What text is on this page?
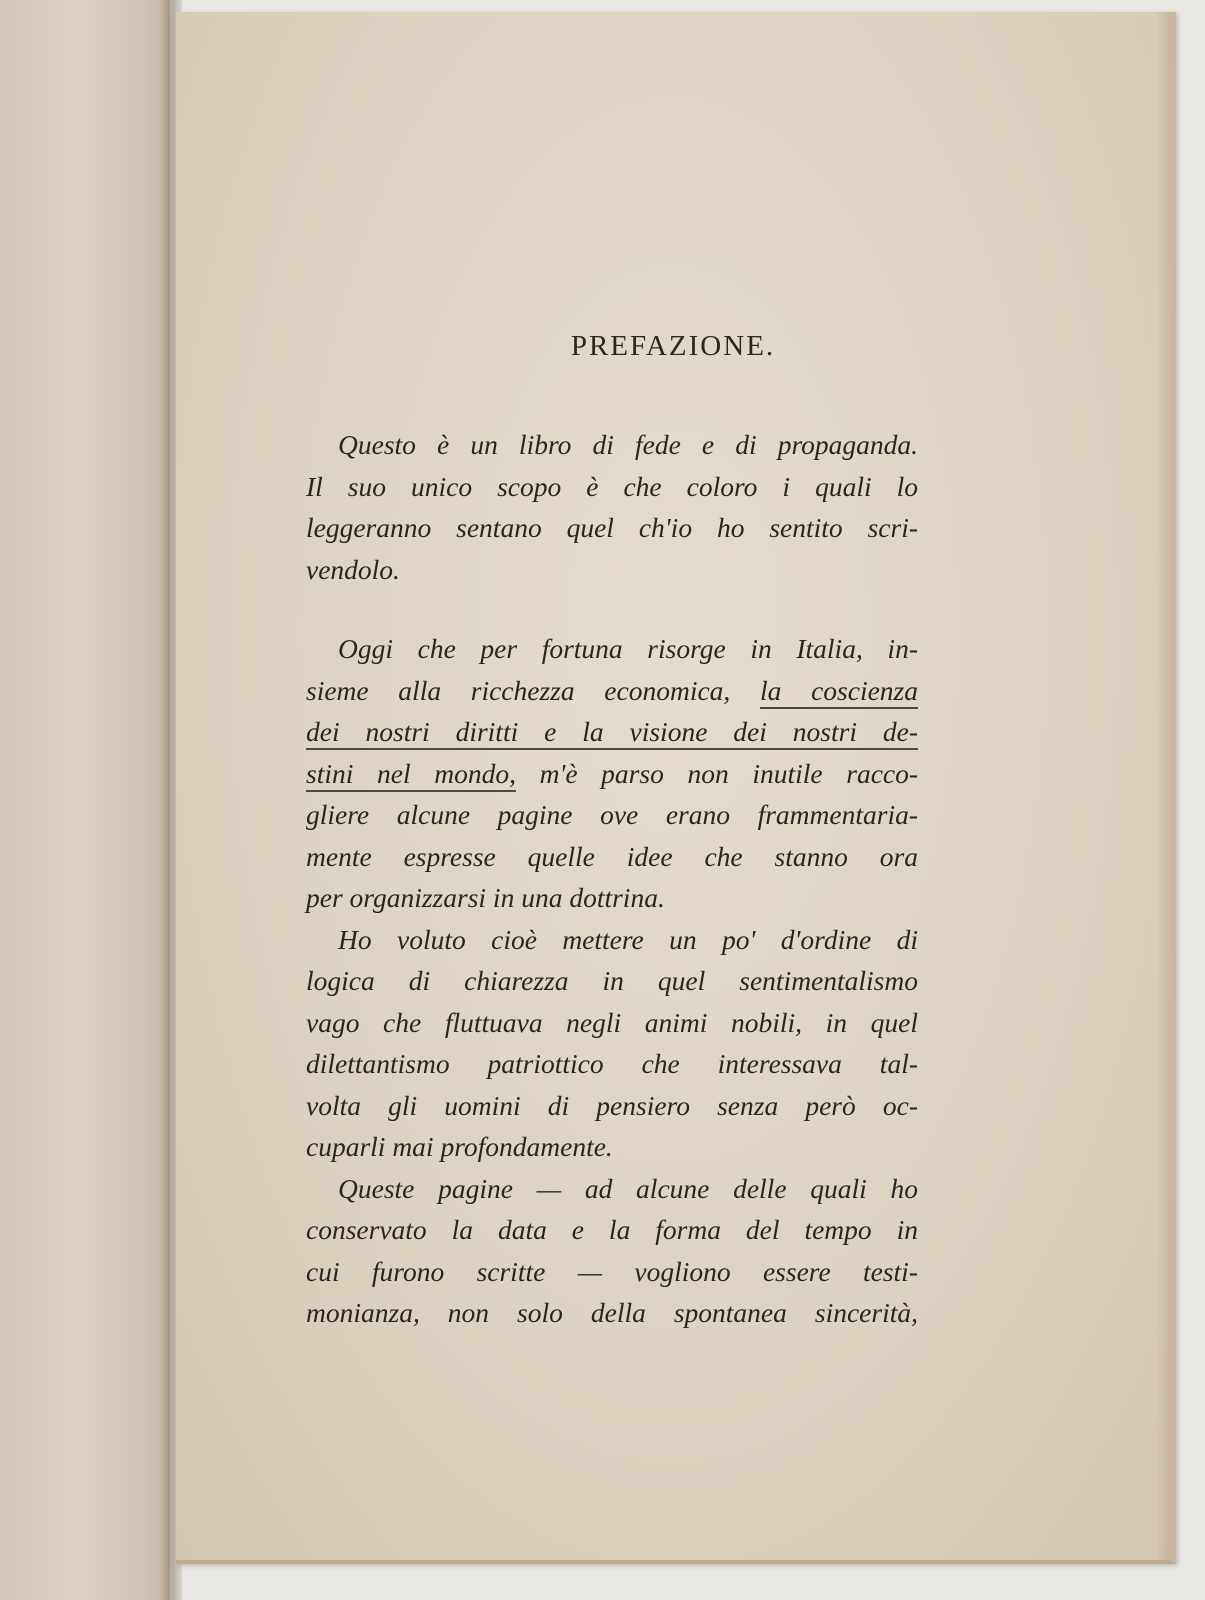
PREFAZIONE.

Questo è un libro di fede e di propaganda.
Il suo unico scopo è che coloro i quali lo
leggeranno sentano quel ch'io ho sentito scri-
vendolo.

Oggi che per fortuna risorge in Italia, in-
sieme alla ricchezza economica, la coscienza
dei nostri diritti e la visione dei nostri de-
stini nel mondo, m'è parso non inutile racco-
gliere alcune pagine ove erano frammentaria-
mente espresse quelle idee che stanno ora
per organizzarsi in una dottrina.

Ho voluto cioè mettere un po' d'ordine di
logica di chiarezza in quel sentimentalismo
vago che fluttuava negli animi nobili, in quel
dilettantismo patriottico che interessava tal-
volta gli uomini di pensiero senza però oc-
cuparli mai profondamente.

Queste pagine — ad alcune delle quali ho
conservato la data e la forma del tempo in
cui furono scritte — vogliono essere testi-
monianza, non solo della spontanea sincerità,
